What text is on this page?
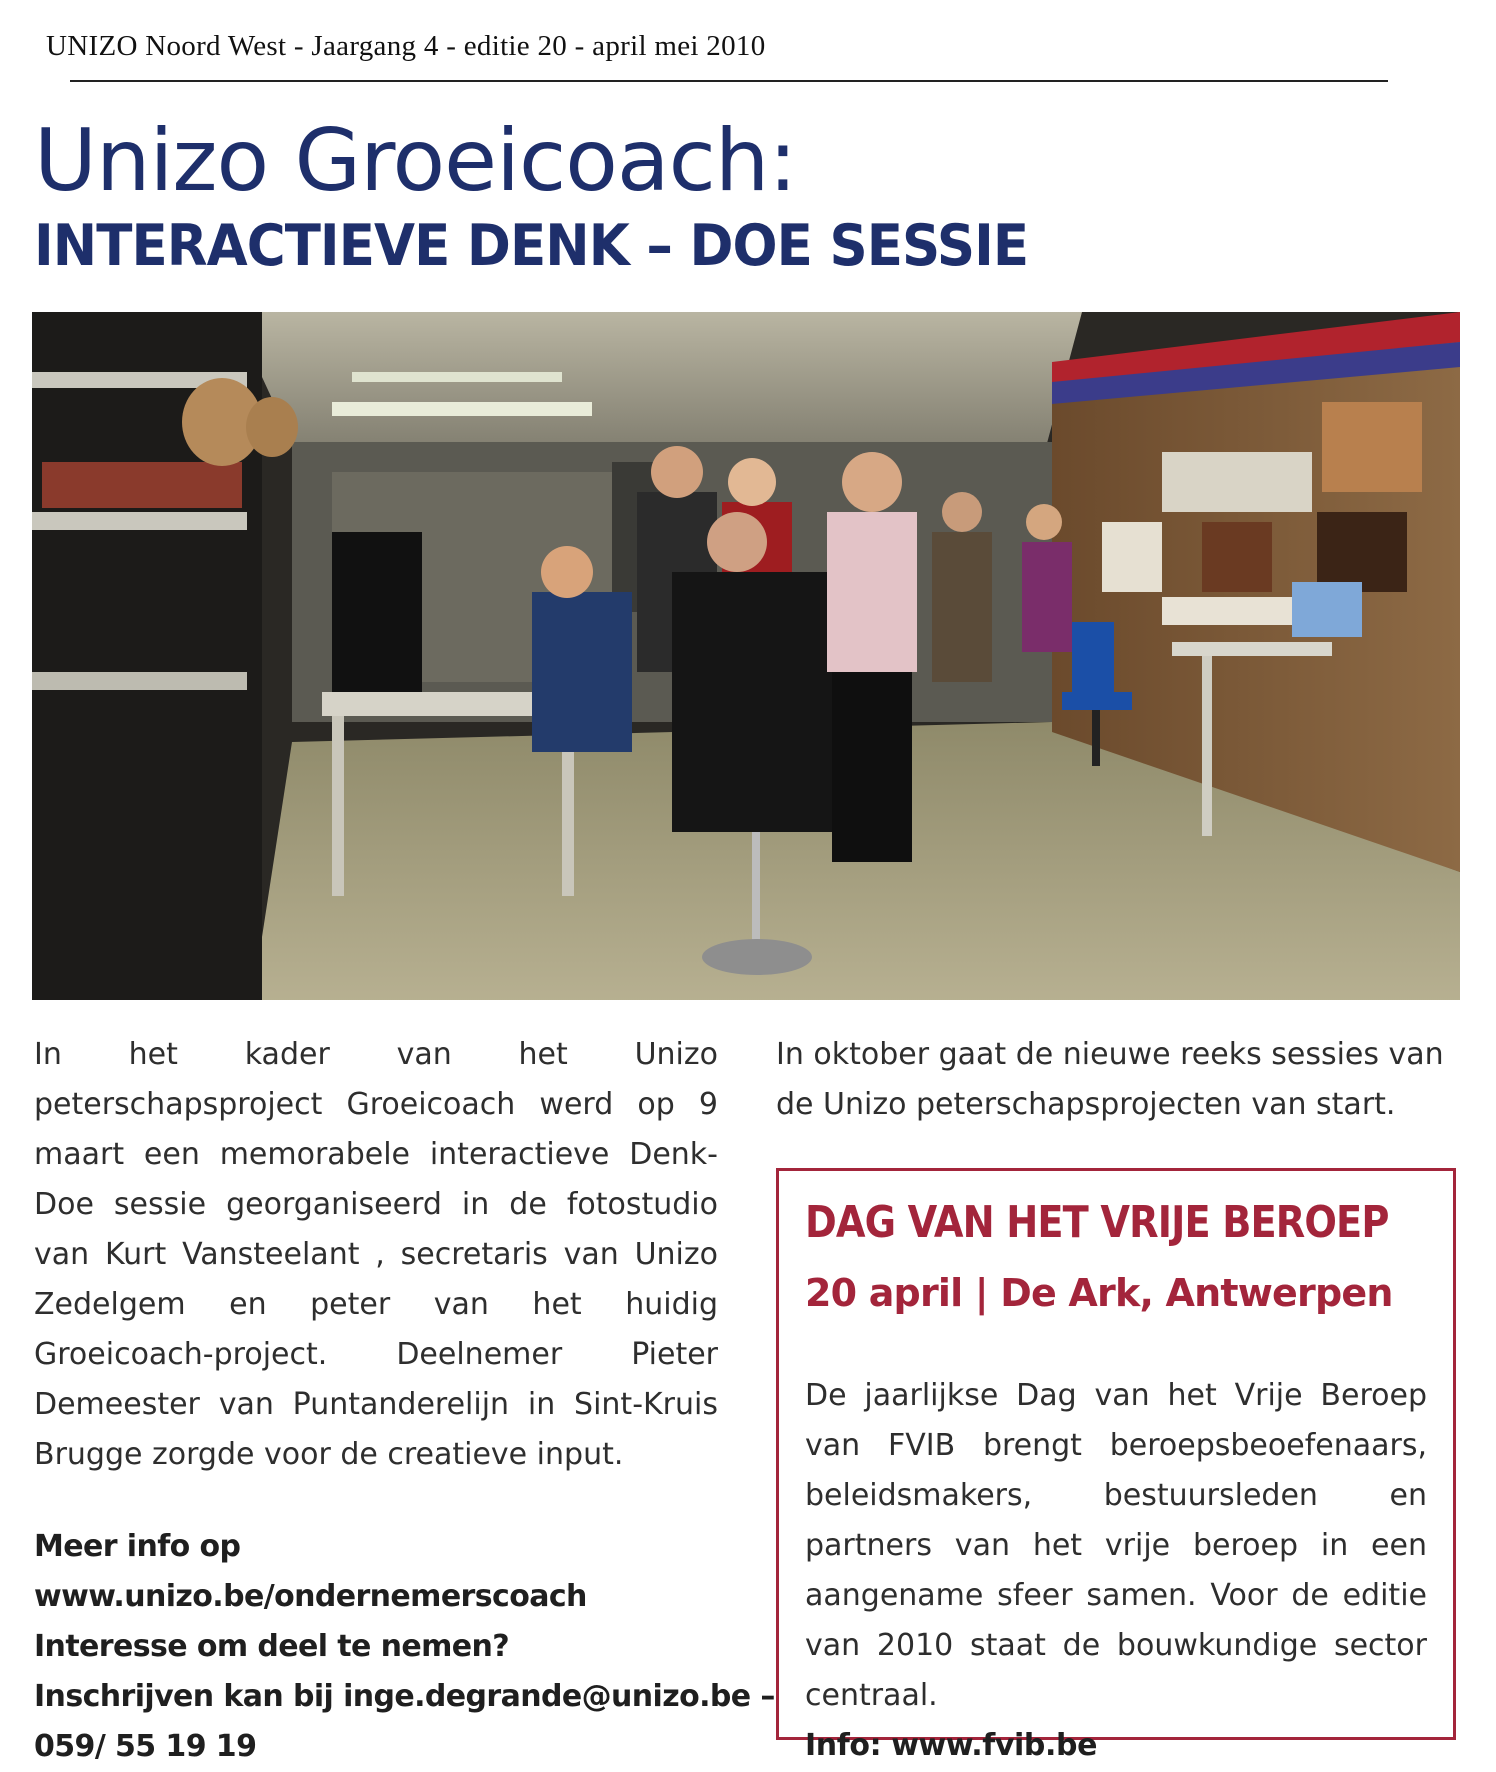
UNIZO Noord West - Jaargang 4 - editie 20 - april mei 2010
Unizo Groeicoach:
INTERACTIEVE DENK – DOE SESSIE

In het kader van het Unizo peterschapsproject Groeicoach werd op 9 maart een memorabele interactieve Denk-Doe sessie georganiseerd in de fotostudio van Kurt Vansteelant , secretaris van Unizo Zedelgem en peter van het huidig Groeicoach-project. Deelnemer Pieter Demeester van Puntanderelijn in Sint-Kruis Brugge zorgde voor de creatieve input.

Meer info op

www.unizo.be/ondernemerscoach

Interesse om deel te nemen?

Inschrijven kan bij inge.degrande@unizo.be –

059/ 55 19 19

In oktober gaat de nieuwe reeks sessies van de Unizo peterschapsprojecten van start.

DAG VAN HET VRIJE BEROEP

20 april | De Ark, Antwerpen

De jaarlijkse Dag van het Vrije Beroep van FVIB brengt beroepsbeoefenaars, beleidsmakers, bestuursleden en partners van het vrije beroep in een aangename sfeer samen. Voor de editie van 2010 staat de bouwkundige sector centraal.

Info: www.fvib.be
